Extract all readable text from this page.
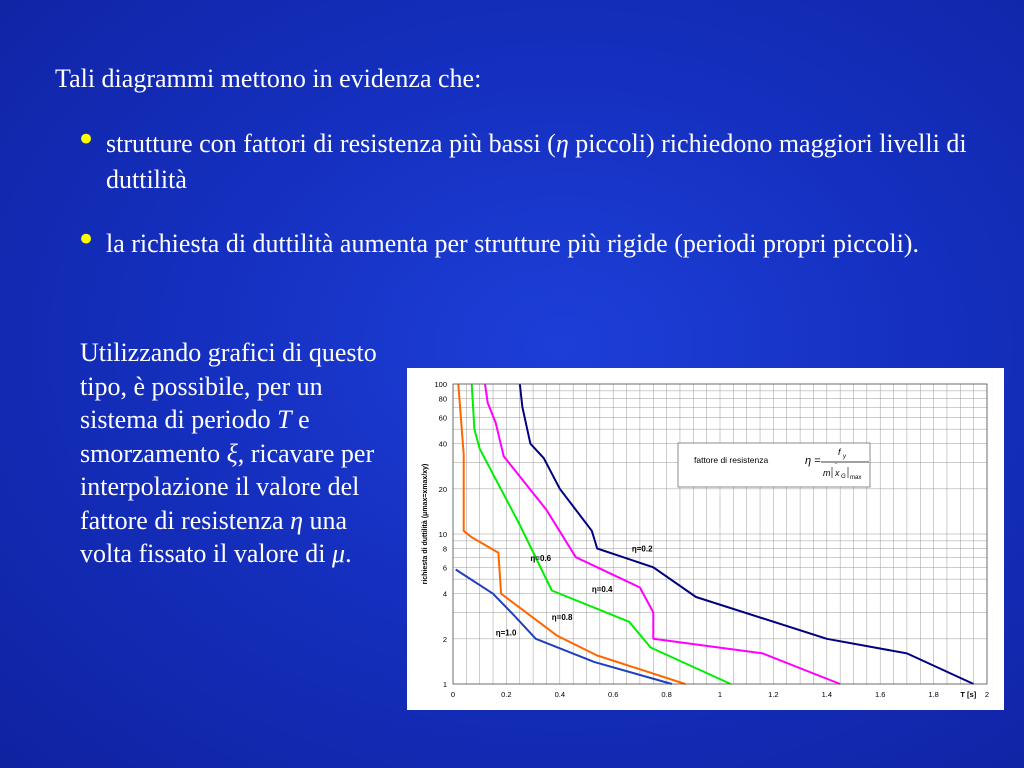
Tali diagrammi mettono in evidenza che:

• strutture con fattori di resistenza più bassi (η piccoli) richiedono maggiori livelli di duttilità
• la richiesta di duttilità aumenta per strutture più rigide (periodi propri piccoli).

Utilizzando grafici di questo tipo, è possibile, per un sistema di periodo T e smorzamento ξ, ricavare per interpolazione il valore del fattore di resistenza η una volta fissato il valore di μ.

0	0.2	0.4	0.6	0.8	1	1.2	1.4	1.6	1.8	2
1
2
4
6
8
10
20
40
60
80
100
T [s]
richiesta di duttilità (μmax=xmax/xy)	η=0.2
η=0.4
η=0.6
η=0.8
η=1.0
fattore di resistenza	η =
f y
m x
¨
G max
